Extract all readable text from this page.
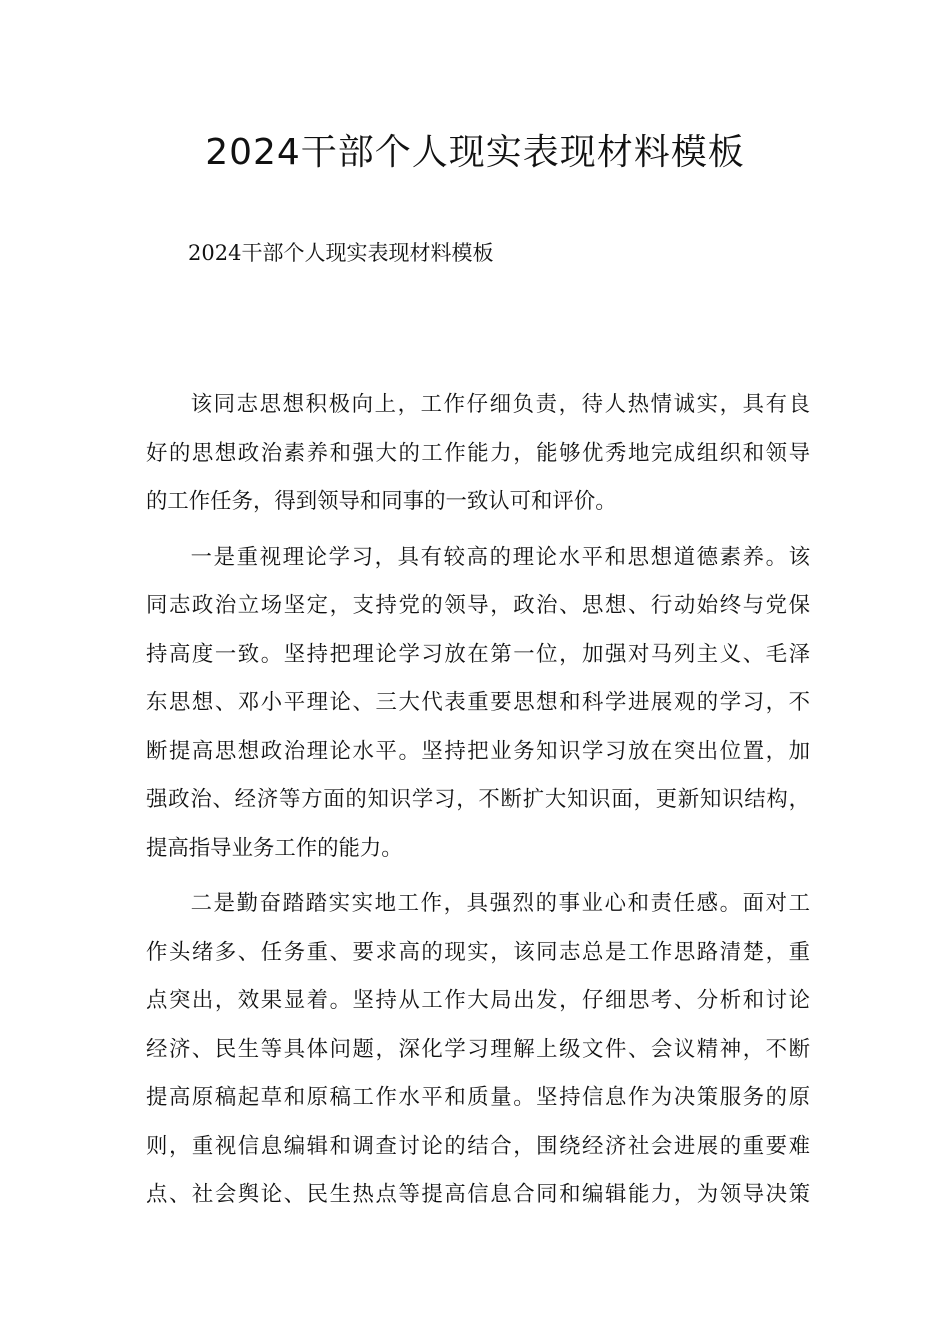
2024干部个人现实表现材料模板

2024干部个人现实表现材料模板

该同志思想积极向上，工作仔细负责，待人热情诚实，具有良
好的思想政治素养和强大的工作能力，能够优秀地完成组织和领导
的工作任务，得到领导和同事的一致认可和评价。

一是重视理论学习，具有较高的理论水平和思想道德素养。该
同志政治立场坚定，支持党的领导，政治、思想、行动始终与党保
持高度一致。坚持把理论学习放在第一位，加强对马列主义、毛泽
东思想、邓小平理论、三大代表重要思想和科学进展观的学习，不
断提高思想政治理论水平。坚持把业务知识学习放在突出位置，加
强政治、经济等方面的知识学习，不断扩大知识面，更新知识结构，
提高指导业务工作的能力。

二是勤奋踏踏实实地工作，具强烈的事业心和责任感。面对工
作头绪多、任务重、要求高的现实，该同志总是工作思路清楚，重
点突出，效果显着。坚持从工作大局出发，仔细思考、分析和讨论
经济、民生等具体问题，深化学习理解上级文件、会议精神，不断
提高原稿起草和原稿工作水平和质量。坚持信息作为决策服务的原
则，重视信息编辑和调查讨论的结合，围绕经济社会进展的重要难
点、社会舆论、民生热点等提高信息合同和编辑能力，为领导决策
